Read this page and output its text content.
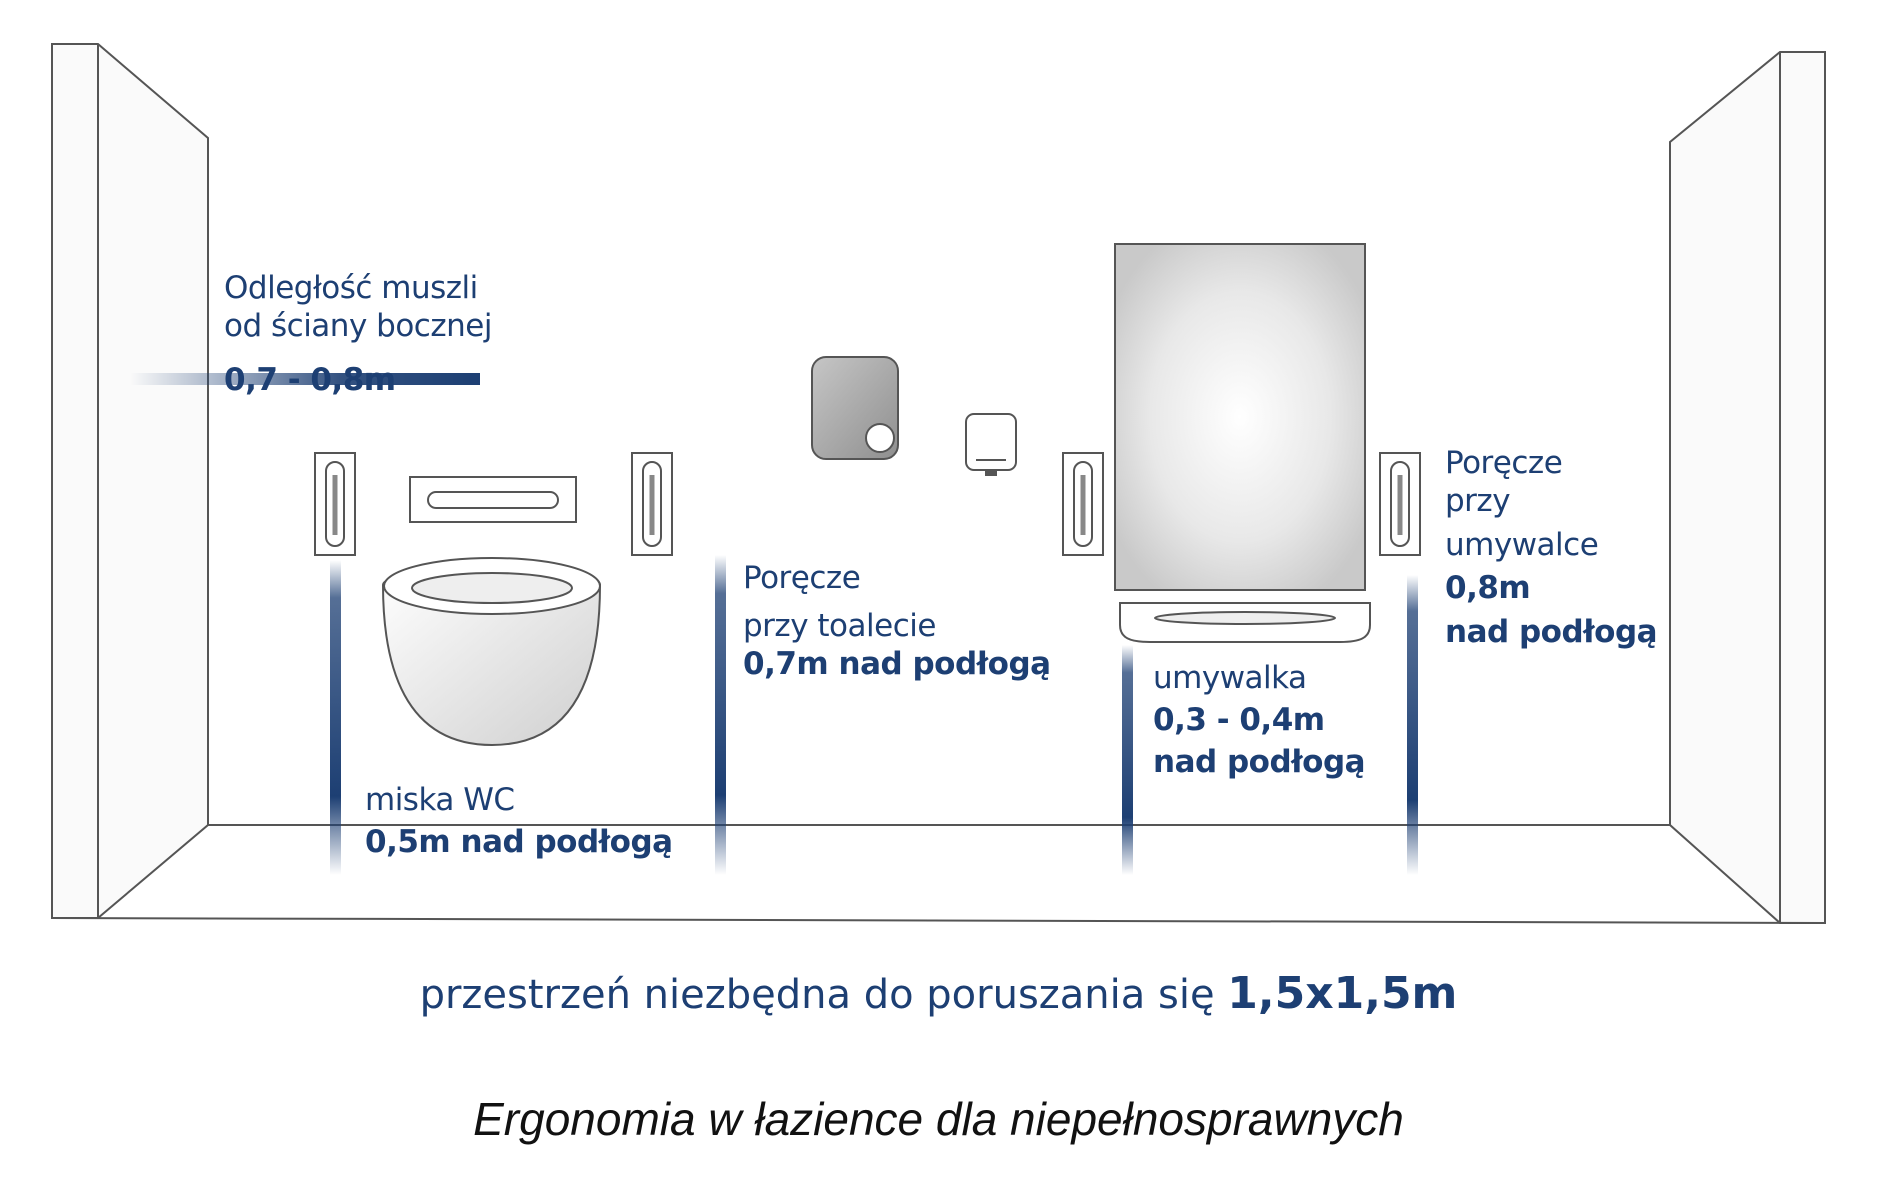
Odległość muszli
od ściany bocznej
0,7 - 0,8m
Poręcze
przy toalecie
0,7m nad podłogą
miska WC
0,5m nad podłogą
umywalka
0,3 - 0,4m
nad podłogą
Poręcze
przy
umywalce
0,8m
nad podłogą
przestrzeń niezbędna do poruszania się 1,5x1,5m
Ergonomia w łazience dla niepełnosprawnych
